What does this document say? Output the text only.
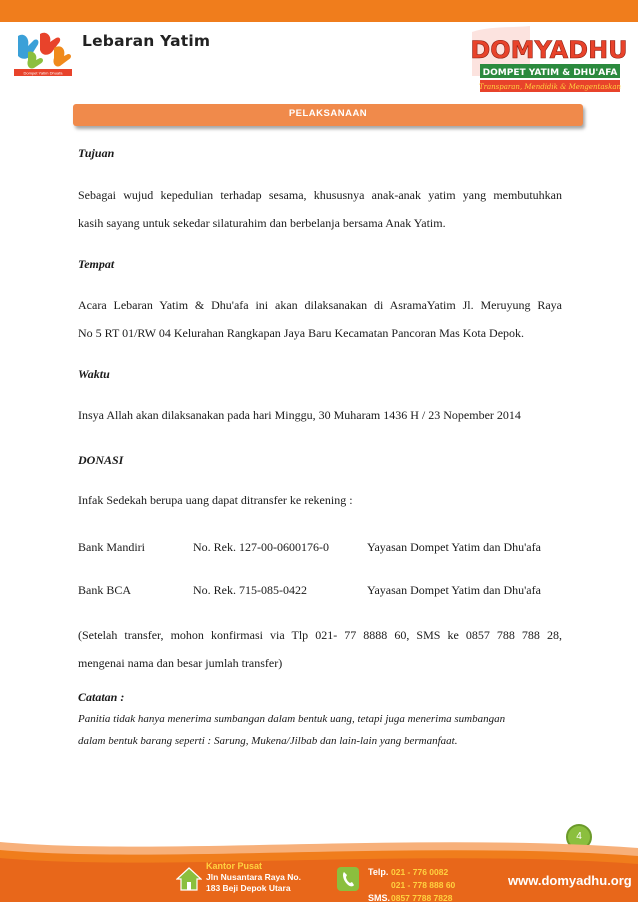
Dompet Yatim Dhuafa
Lebaran Yatim	DOMYADHU
DOMPET YATIM & DHU'AFA
Transparan, Mendidik & Mengentaskan
PELAKSANAAN
Tujuan
Sebagai wujud kepedulian terhadap sesama, khususnya anak-anak yatim yang membutuhkan
kasih sayang untuk sekedar silaturahim dan berbelanja bersama Anak Yatim.
Tempat
Acara Lebaran Yatim & Dhu'afa ini akan dilaksanakan di AsramaYatim Jl. Meruyung Raya
No 5 RT 01/RW 04 Kelurahan Rangkapan Jaya Baru Kecamatan Pancoran Mas Kota Depok.
Waktu
Insya Allah akan dilaksanakan pada hari Minggu, 30 Muharam 1436 H / 23 Nopember 2014
DONASI
Infak Sedekah berupa uang dapat ditransfer ke rekening :
Bank Mandiri	No. Rek. 127-00-0600176-0	Yayasan Dompet Yatim dan Dhu'afa
Bank BCA	No. Rek. 715-085-0422	Yayasan Dompet Yatim dan Dhu'afa
(Setelah transfer, mohon konfirmasi via Tlp 021- 77 8888 60, SMS ke 0857 788 788 28,
mengenai nama dan besar jumlah transfer)
Catatan :
Panitia tidak hanya menerima sumbangan dalam bentuk uang, tetapi juga menerima sumbangan
dalam bentuk barang seperti : Sarung, Mukena/Jilbab dan lain-lain yang bermanfaat.
4
Kantor Pusat
Jln Nusantara Raya No.
183 Beji Depok Utara
Telp. 021 - 776 0082
021 - 778 888 60
SMS. 0857 7788 7828
www.domyadhu.org
